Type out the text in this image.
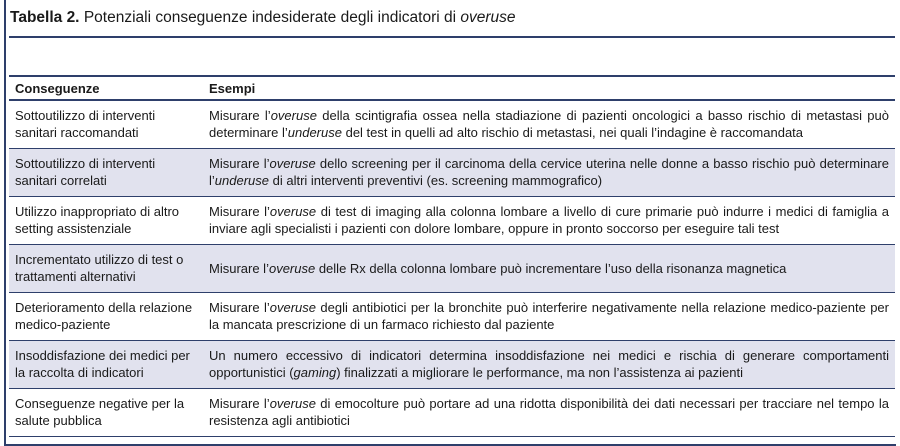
Tabella 2. Potenziali conseguenze indesiderate degli indicatori di overuse
Conseguenze	Esempi
Sottoutilizzo di interventi sanitari raccomandati	Misurare l’overuse della scintigrafia ossea nella stadiazione di pazienti oncologici a basso rischio di metastasi può determinare l’underuse del test in quelli ad alto rischio di metastasi, nei quali l’indagine è raccomandata
Sottoutilizzo di interventi sanitari correlati	Misurare l’overuse dello screening per il carcinoma della cervice uterina nelle donne a basso rischio può determinare l’underuse di altri interventi preventivi (es. screening mammografico)
Utilizzo inappropriato di altro setting assistenziale	Misurare l’overuse di test di imaging alla colonna lombare a livello di cure primarie può indurre i medici di famiglia a inviare agli specialisti i pazienti con dolore lombare, oppure in pronto soccorso per eseguire tali test
Incrementato utilizzo di test o trattamenti alternativi	Misurare l’overuse delle Rx della colonna lombare può incrementare l’uso della risonanza magnetica
Deterioramento della relazione medico-paziente	Misurare l’overuse degli antibiotici per la bronchite può interferire negativamente nella relazione medico-paziente per la mancata prescrizione di un farmaco richiesto dal paziente
Insoddisfazione dei medici per la raccolta di indicatori	Un numero eccessivo di indicatori determina insoddisfazione nei medici e rischia di generare comportamenti opportunistici (gaming) finalizzati a migliorare le performance, ma non l’assistenza ai pazienti
Conseguenze negative per la salute pubblica	Misurare l’overuse di emocolture può portare ad una ridotta disponibilità dei dati necessari per tracciare nel tempo la resistenza agli antibiotici
